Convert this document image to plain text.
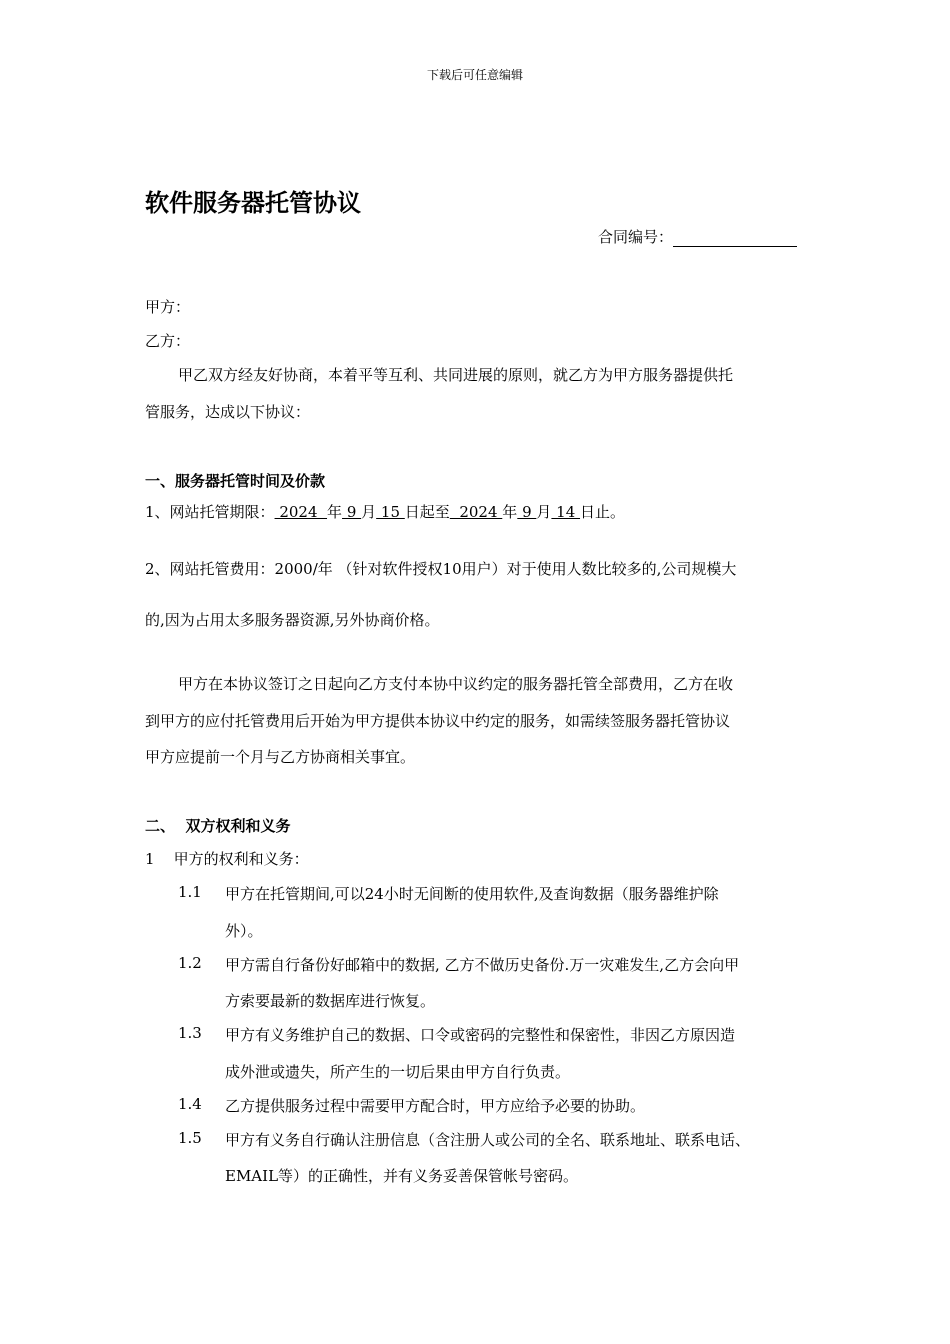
下载后可任意编辑
软件服务器托管协议
合同编号：
甲方：
乙方：
甲乙双方经友好协商，本着平等互利、共同进展的原则，就乙方为甲方服务器提供托
管服务，达成以下协议：
一、服务器托管时间及价款
1、网站托管期限： 2024  年 9 月 15 日起至  2024 年 9 月 14 日止。
2、网站托管费用：2000/年 （针对软件授权10用户）对于使用人数比较多的,公司规模大
的,因为占用太多服务器资源,另外协商价格。
甲方在本协议签订之日起向乙方支付本协中议约定的服务器托管全部费用，乙方在收
到甲方的应付托管费用后开始为甲方提供本协议中约定的服务，如需续签服务器托管协议
甲方应提前一个月与乙方协商相关事宜。
二、  双方权利和义务
1    甲方的权利和义务：
1.1 甲方在托管期间,可以24小时无间断的使用软件,及查询数据（服务器维护除
外）。
1.2 甲方需自行备份好邮箱中的数据, 乙方不做历史备份.万一灾难发生,乙方会向甲
方索要最新的数据库进行恢复。
1.3 甲方有义务维护自己的数据、口令或密码的完整性和保密性，非因乙方原因造
成外泄或遗失，所产生的一切后果由甲方自行负责。
1.4 乙方提供服务过程中需要甲方配合时，甲方应给予必要的协助。
1.5 甲方有义务自行确认注册信息（含注册人或公司的全名、联系地址、联系电话、
EMAIL等）的正确性，并有义务妥善保管帐号密码。
